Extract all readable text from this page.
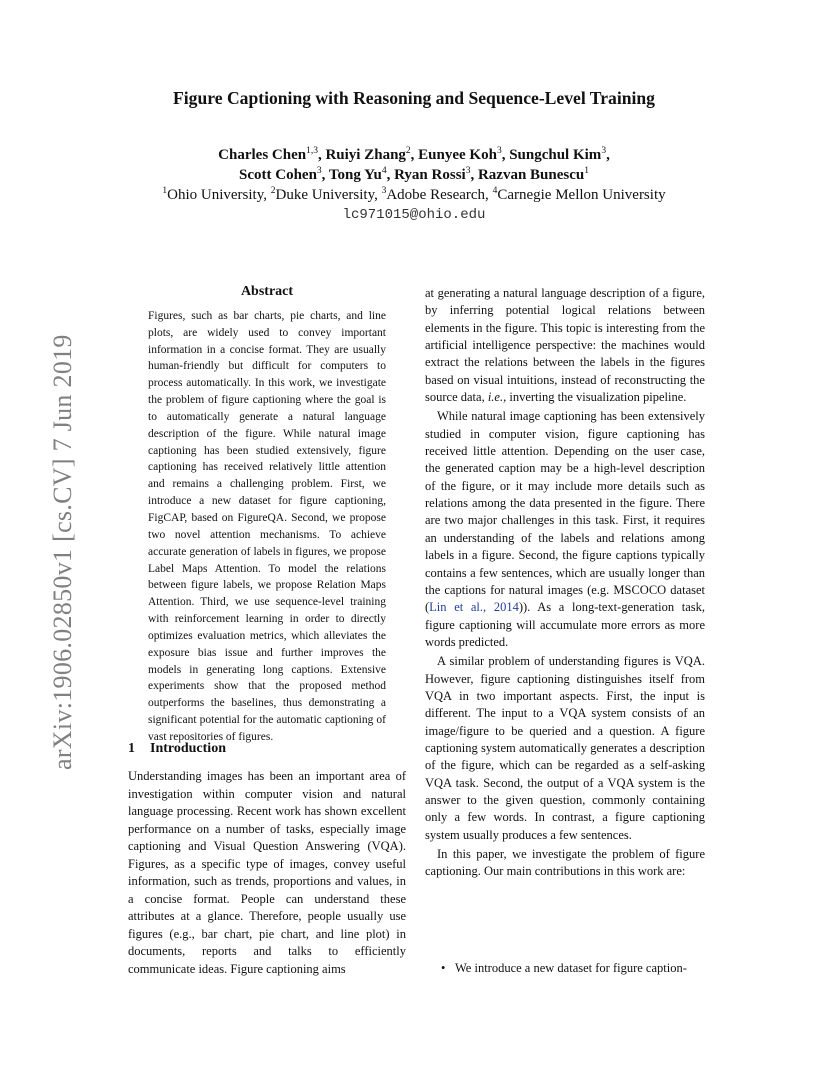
Figure Captioning with Reasoning and Sequence-Level Training
Charles Chen$^{1,3}$, Ruiyi Zhang$^2$, Eunyee Koh$^3$, Sungchul Kim$^3$,
Scott Cohen$^3$, Tong Yu$^4$, Ryan Rossi$^3$, Razvan Bunescu$^1$
$^1$Ohio University, $^2$Duke University, $^3$Adobe Research, $^4$Carnegie Mellon University
lc971015@ohio.edu
arXiv:1906.02850v1 [cs.CV] 7 Jun 2019
Abstract

Figures, such as bar charts, pie charts, and line plots, are widely used to convey important information in a concise format. They are usually human-friendly but difficult for computers to process automatically. In this work, we investigate the problem of figure captioning where the goal is to automatically generate a natural language description of the figure. While natural image captioning has been studied extensively, figure captioning has received relatively little attention and remains a challenging problem. First, we introduce a new dataset for figure captioning, FigCAP, based on FigureQA. Second, we propose two novel attention mechanisms. To achieve accurate generation of labels in figures, we propose Label Maps Attention. To model the relations between figure labels, we propose Relation Maps Attention. Third, we use sequence-level training with reinforcement learning in order to directly optimizes evaluation metrics, which alleviates the exposure bias issue and further improves the models in generating long captions. Extensive experiments show that the proposed method outperforms the baselines, thus demonstrating a significant potential for the automatic captioning of vast repositories of figures.

1 Introduction

Understanding images has been an important area of investigation within computer vision and natural language processing. Recent work has shown excellent performance on a number of tasks, especially image captioning and Visual Question Answering (VQA). Figures, as a specific type of images, convey useful information, such as trends, proportions and values, in a concise format. People can understand these attributes at a glance. Therefore, people usually use figures (e.g., bar chart, pie chart, and line plot) in documents, reports and talks to efficiently communicate ideas. Figure captioning aims

at generating a natural language description of a figure, by inferring potential logical relations between elements in the figure. This topic is interesting from the artificial intelligence perspective: the machines would extract the relations between the labels in the figures based on visual intuitions, instead of reconstructing the source data, i.e., inverting the visualization pipeline.

While natural image captioning has been extensively studied in computer vision, figure captioning has received little attention. Depending on the user case, the generated caption may be a high-level description of the figure, or it may include more details such as relations among the data presented in the figure. There are two major challenges in this task. First, it requires an understanding of the labels and relations among labels in a figure. Second, the figure captions typically contains a few sentences, which are usually longer than the captions for natural images (e.g. MSCOCO dataset (Lin et al., 2014)). As a long-text-generation task, figure captioning will accumulate more errors as more words predicted.

A similar problem of understanding figures is VQA. However, figure captioning distinguishes itself from VQA in two important aspects. First, the input is different. The input to a VQA system consists of an image/figure to be queried and a question. A figure captioning system automatically generates a description of the figure, which can be regarded as a self-asking VQA task. Second, the output of a VQA system is the answer to the given question, commonly containing only a few words. In contrast, a figure captioning system usually produces a few sentences.

In this paper, we investigate the problem of figure captioning. Our main contributions in this work are:

• We introduce a new dataset for figure caption-
